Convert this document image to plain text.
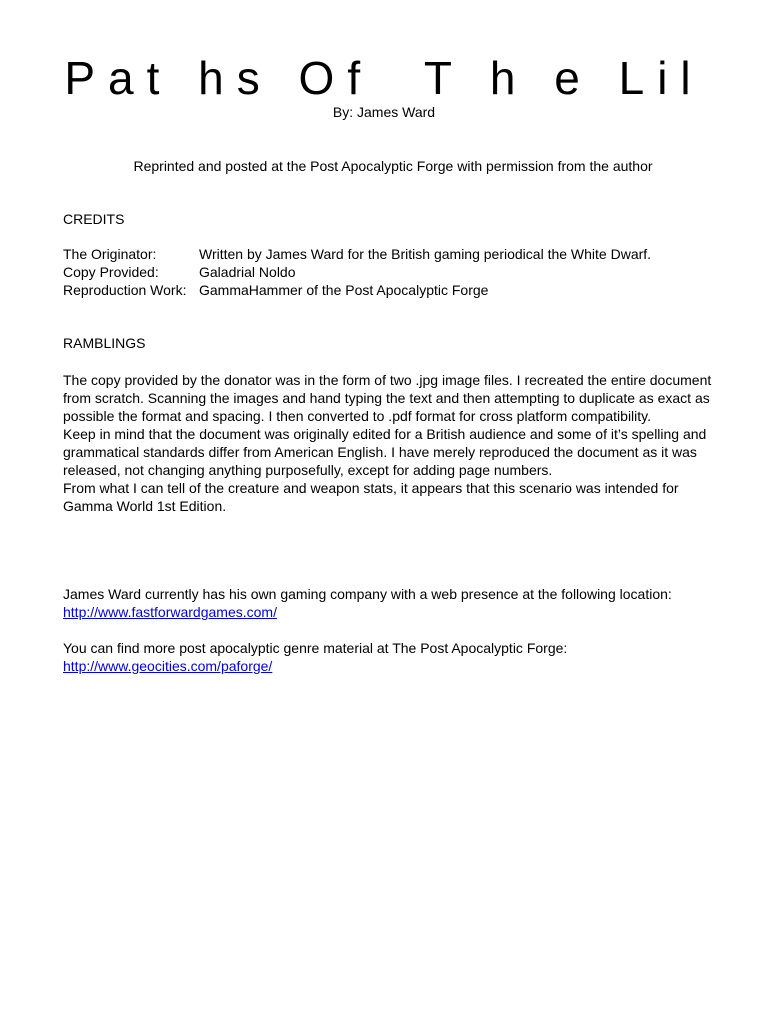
Pat hs Of  T h e Lil
By: James Ward
Reprinted and posted at the Post Apocalyptic Forge with permission from the author
CREDITS
The Originator:	Written by James Ward for the British gaming periodical the White Dwarf.
Copy Provided:	Galadrial Noldo
Reproduction Work: GammaHammer of the Post Apocalyptic Forge
RAMBLINGS

The copy provided by the donator was in the form of two .jpg image files. I recreated the entire document from scratch. Scanning the images and hand typing the text and then attempting to duplicate as exact as possible the format and spacing. I then converted to .pdf format for cross platform compatibility.

Keep in mind that the document was originally edited for a British audience and some of it’s spelling and grammatical standards differ from American English. I have merely reproduced the document as it was released, not changing anything purposefully, except for adding page numbers.

From what I can tell of the creature and weapon stats, it appears that this scenario was intended for Gamma World 1st Edition.

James Ward currently has his own gaming company with a web presence at the following location:

http://www.fastforwardgames.com/

You can find more post apocalyptic genre material at The Post Apocalyptic Forge:

http://www.geocities.com/paforge/
